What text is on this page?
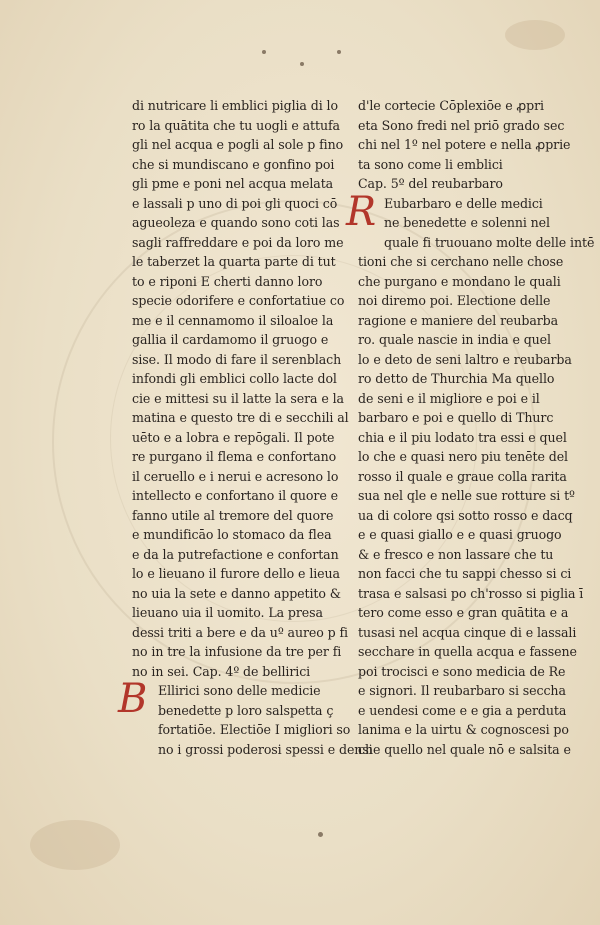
di nutricare li emblici piglia di lo
ro la quātita che tu uogli e attufa
gli nel acqua e pogli al sole p fino
che si mundiscano e gonfino poi
gli pme e poni nel acqua melata
e lassali p uno di poi gli quoci cō
agueoleza e quando sono coti las
sagli raffreddare e poi da loro me
le taberzet la quarta parte di tut
to e riponi E cherti danno loro
specie odorifere e confortatiue co
me e il cennamomo il siloaloe la
gallia il cardamomo il gruogo e
sise. Il modo di fare il serenblach
infondi gli emblici collo lacte dol
cie e mittesi su il latte la sera e la
matina e questo tre di e secchili al
uēto e a lobra e repōgali. Il pote
re purgano il flema e confortano
il ceruello e i nerui e acresono lo
intellecto e confortano il quore e
fanno utile al tremore del quore
e mundificāo lo stomaco da flea
e da la putrefactione e confortan
lo e lieuano il furore dello e lieua
no uia la sete e danno appetito &
lieuano uia il uomito. La presa
dessi triti a bere e da uº aureo p fi
no in tre la infusione da tre per fi
no in sei. Cap. 4º de bellirici
B Ellirici sono delle medicie
benedette p loro salspetta ç
fortatiōe. Electiōe I migliori so
no i grossi poderosi spessi e densi
d'le cortecie Cōplexiōe e ꝓpri
eta Sono fredi nel priō grado sec
chi nel 1º nel potere e nella ꝓprie
ta sono come li emblici
Cap. 5º del reubarbaro
R Eubarbaro e delle medici
ne benedette e solenni nel
quale fi truouano molte delle intē
tioni che si cerchano nelle chose
che purgano e mondano le quali
noi diremo poi. Electione delle
ragione e maniere del reubarba
ro. quale nascie in india e quel
lo e deto de seni laltro e reubarba
ro detto de Thurchia Ma quello
de seni e il migliore e poi e il
barbaro e poi e quello di Thurc
chia e il piu lodato tra essi e quel
lo che e quasi nero piu tenēte del
rosso il quale e graue colla rarita
sua nel qle e nelle sue rotture si tº
ua di colore qsi sotto rosso e dacq
e e quasi giallo e e quasi gruogo
& e fresco e non lassare che tu
non facci che tu sappi chesso si ci
trasa e salsasi po ch'rosso si piglia ī
tero come esso e gran quātita e a
tusasi nel acqua cinque di e lassali
secchare in quella acqua e fassene
poi trocisci e sono medicia de Re
e signori. Il reubarbaro si seccha
e uendesi come e e gia a perduta
lanima e la uirtu & cognoscesi po
che quello nel quale nō e salsita e
